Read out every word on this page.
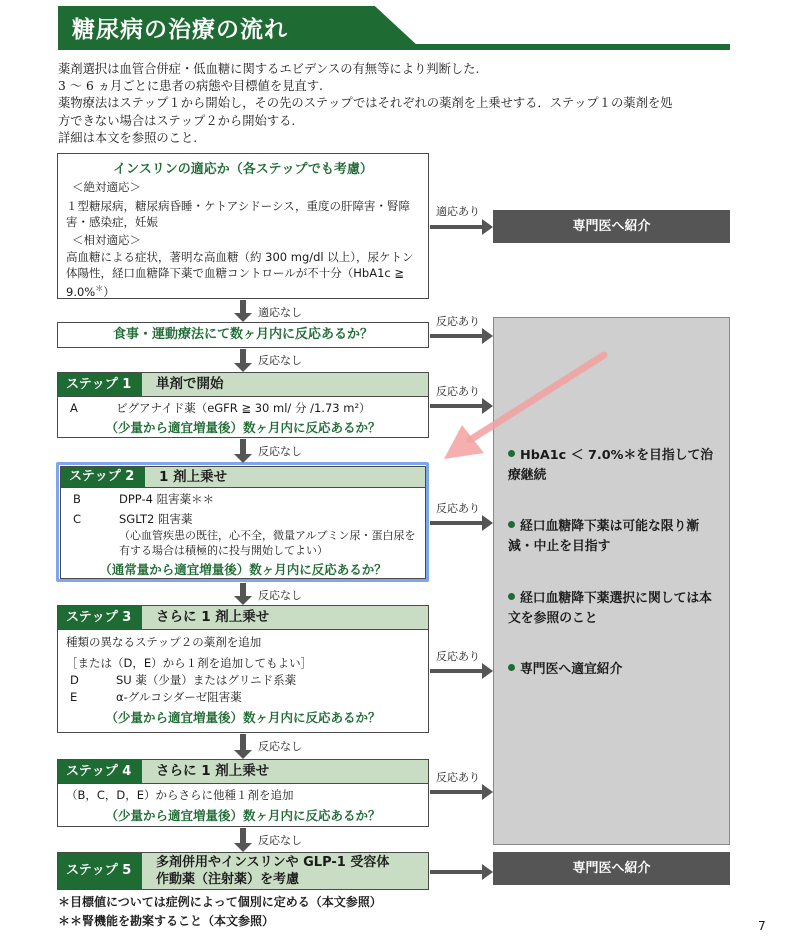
糖尿病の治療の流れ

薬剤選択は血管合併症・低血糖に関するエビデンスの有無等により判断した.

3 ～ 6 ヵ月ごとに患者の病態や目標値を見直す.

薬物療法はステップ１から開始し，その先のステップではそれぞれの薬剤を上乗せする．ステップ１の薬剤を処

方できない場合はステップ２から開始する.

詳細は本文を参照のこと.

インスリンの適応か（各ステップでも考慮）
＜絶対適応＞
１型糖尿病，糖尿病昏睡・ケトアシドーシス，重度の肝障害・腎障害・感染症，妊娠
＜相対適応＞
高血糖による症状，著明な高血糖（約 300 mg/dl 以上），尿ケトン体陽性，経口血糖降下薬で血糖コントロールが不十分（HbA1c ≧ 9.0%＊）
食事・運動療法にて数ヶ月内に反応あるか？
ステップ 1	単剤で開始
A	ビグアナイド薬（eGFR ≧ 30 ml/ 分 /1.73 m²）
（少量から適宜増量後）数ヶ月内に反応あるか？
ステップ 2	1 剤上乗せ
B	DPP-4 阻害薬＊＊
C	SGLT2 阻害薬
（心血管疾患の既往，心不全，微量アルブミン尿・蛋白尿を有する場合は積極的に投与開始してよい）
（通常量から適宜増量後）数ヶ月内に反応あるか？
ステップ 3	さらに 1 剤上乗せ
種類の異なるステップ２の薬剤を追加
［または（D，E）から１剤を追加してもよい］
D	SU 薬（少量）またはグリニド系薬
E	α-グルコシダーゼ阻害薬
（少量から適宜増量後）数ヶ月内に反応あるか？
ステップ 4	さらに 1 剤上乗せ
（B，C，D，E）からさらに他種１剤を追加
（少量から適宜増量後）数ヶ月内に反応あるか？
ステップ 5
多剤併用やインスリンや GLP-1 受容体作動薬（注射薬）を考慮
適応なし
反応なし
反応なし
反応なし
反応なし
反応なし
適応あり
反応あり
反応あり
反応あり
反応あり
反応あり
専門医へ紹介
専門医へ紹介
HbA1c ＜ 7.0%＊を目指して治療継続
経口血糖降下薬は可能な限り漸減・中止を目指す
経口血糖降下薬選択に関しては本文を参照のこと
専門医へ適宜紹介
＊目標値については症例によって個別に定める（本文参照）
＊＊腎機能を勘案すること（本文参照）	7
